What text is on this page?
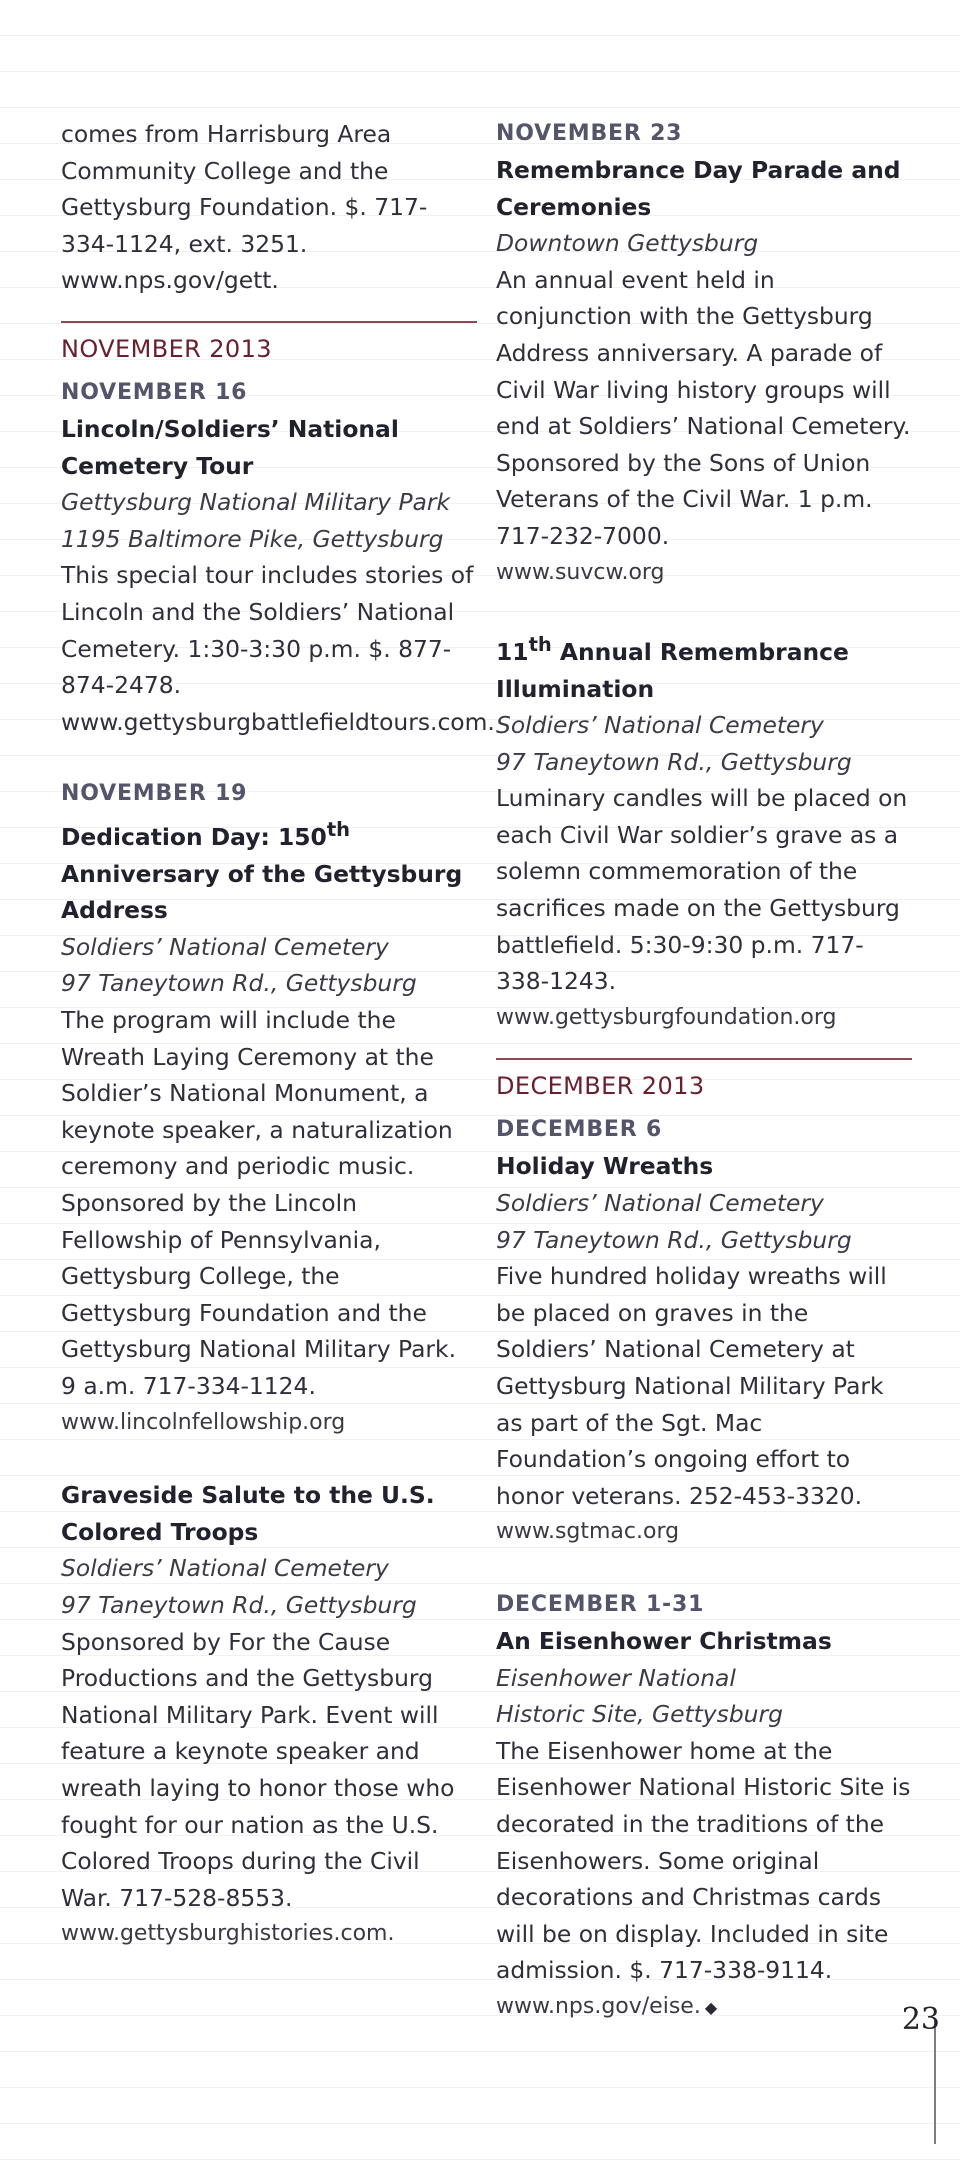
comes from Harrisburg Area Community College and the Gettysburg Foundation. $. 717-334-1124, ext. 3251. www.nps.gov/gett.

NOVEMBER 2013
NOVEMBER 16
Lincoln/Soldiers’ National Cemetery Tour
Gettysburg National Military Park
1195 Baltimore Pike, Gettysburg
This special tour includes stories of Lincoln and the Soldiers’ National Cemetery. 1:30-3:30 p.m. $. 877-874-2478. www.gettysburgbattlefieldtours.com.
NOVEMBER 19
Dedication Day: 150th
Anniversary of the Gettysburg Address
Soldiers’ National Cemetery
97 Taneytown Rd., Gettysburg
The program will include the Wreath Laying Ceremony at the Soldier’s National Monument, a keynote speaker, a naturalization ceremony and periodic music. Sponsored by the Lincoln Fellowship of Pennsylvania, Gettysburg College, the Gettysburg Foundation and the Gettysburg National Military Park. 9 a.m. 717-334-1124.
www.lincolnfellowship.org
Graveside Salute to the U.S. Colored Troops
Soldiers’ National Cemetery
97 Taneytown Rd., Gettysburg
Sponsored by For the Cause Productions and the Gettysburg National Military Park. Event will feature a keynote speaker and wreath laying to honor those who fought for our nation as the U.S. Colored Troops during the Civil War. 717-528-8553.
www.gettysburghistories.com.
NOVEMBER 23
Remembrance Day Parade and Ceremonies
Downtown Gettysburg
An annual event held in conjunction with the Gettysburg Address anniversary. A parade of Civil War living history groups will end at Soldiers’ National Cemetery. Sponsored by the Sons of Union Veterans of the Civil War. 1 p.m. 717-232-7000.
www.suvcw.org
11th Annual Remembrance Illumination
Soldiers’ National Cemetery
97 Taneytown Rd., Gettysburg
Luminary candles will be placed on each Civil War soldier’s grave as a solemn commemoration of the sacrifices made on the Gettysburg battlefield. 5:30-9:30 p.m. 717-338-1243.
www.gettysburgfoundation.org
DECEMBER 2013
DECEMBER 6
Holiday Wreaths
Soldiers’ National Cemetery
97 Taneytown Rd., Gettysburg
Five hundred holiday wreaths will be placed on graves in the Soldiers’ National Cemetery at Gettysburg National Military Park as part of the Sgt. Mac Foundation’s ongoing effort to honor veterans. 252-453-3320.
www.sgtmac.org
DECEMBER 1-31
An Eisenhower Christmas
Eisenhower National
Historic Site, Gettysburg
The Eisenhower home at the Eisenhower National Historic Site is decorated in the traditions of the Eisenhowers. Some original decorations and Christmas cards will be on display. Included in site admission. $. 717-338-9114.
www.nps.gov/eise. ◆	23
